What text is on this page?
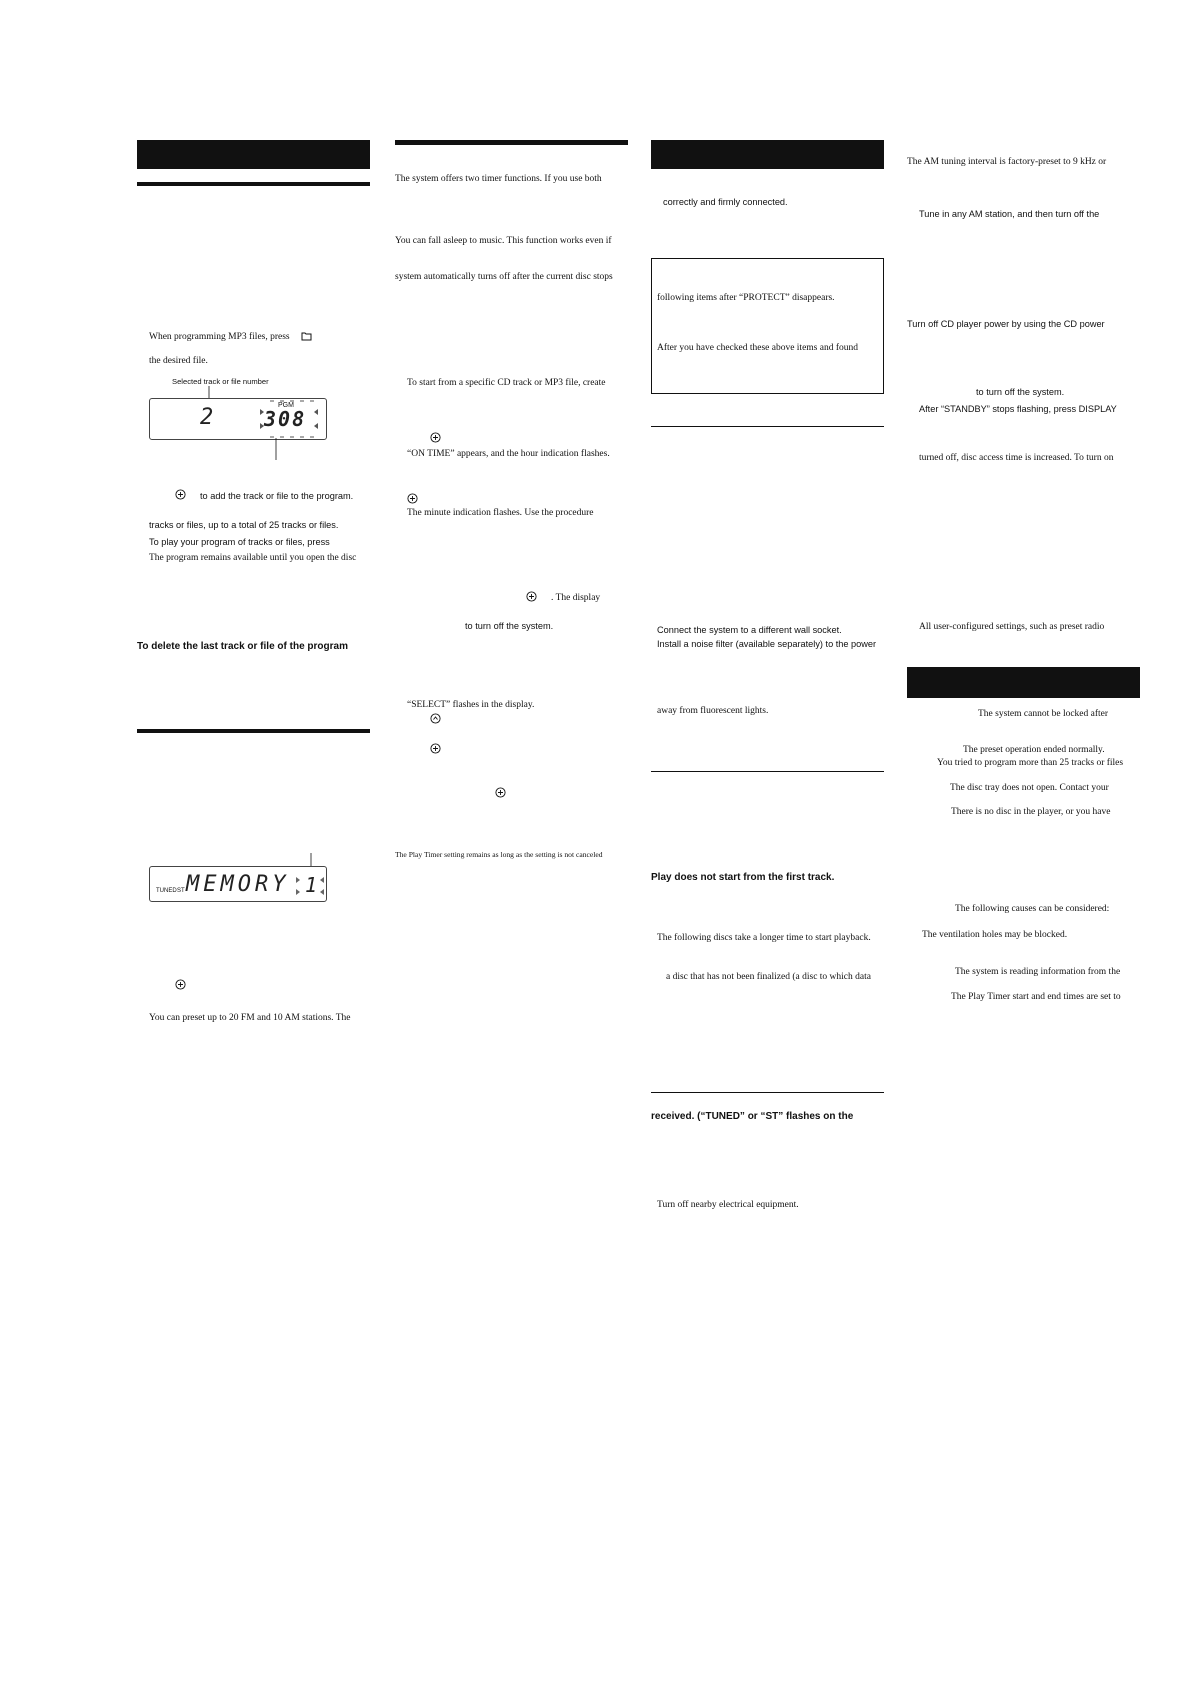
When programming MP3 files, press
the desired file.
Selected track or file number
2	PGM
308
to add the track or file to the program.
tracks or files, up to a total of 25 tracks or files.
To play your program of tracks or files, press
The program remains available until you open the disc
To delete the last track or file of the program
TUNED ST MEMORY 1
You can preset up to 20 FM and 10 AM stations. The
The system offers two timer functions. If you use both
You can fall asleep to music. This function works even if
system automatically turns off after the current disc stops
To start from a specific CD track or MP3 file, create
“ON TIME” appears, and the hour indication flashes.
The minute indication flashes. Use the procedure
. The display
to turn off the system.
“SELECT” flashes in the display.
The Play Timer setting remains as long as the setting is not canceled
correctly and firmly connected.
following items after “PROTECT” disappears.
After you have checked these above items and found
Connect the system to a different wall socket.
Install a noise filter (available separately) to the power
away from fluorescent lights.
Play does not start from the first track.
The following discs take a longer time to start playback.
a disc that has not been finalized (a disc to which data
received. (“TUNED” or “ST” flashes on the
Turn off nearby electrical equipment.
The AM tuning interval is factory-preset to 9 kHz or
Tune in any AM station, and then turn off the
Turn off CD player power by using the CD power
to turn off the system.
After “STANDBY” stops flashing, press DISPLAY
turned off, disc access time is increased. To turn on
All user-configured settings, such as preset radio
The system cannot be locked after
The preset operation ended normally.
You tried to program more than 25 tracks or files
The disc tray does not open. Contact your
There is no disc in the player, or you have
The following causes can be considered:
The ventilation holes may be blocked.
The system is reading information from the
The Play Timer start and end times are set to
